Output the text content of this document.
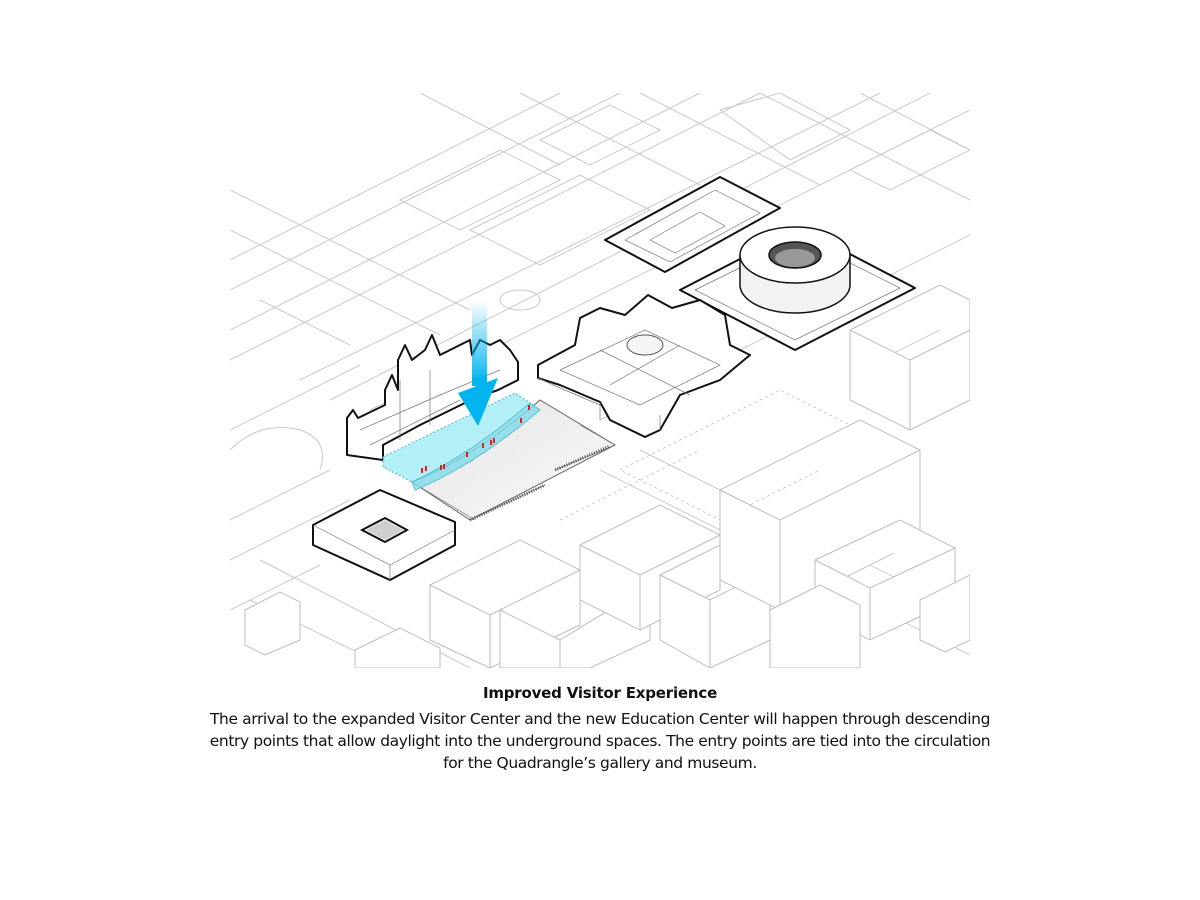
Improved Visitor Experience

The arrival to the expanded Visitor Center and the new Education Center will happen through descending entry points that allow daylight into the underground spaces. The entry points are tied into the circulation for the Quadrangle’s gallery and museum.
